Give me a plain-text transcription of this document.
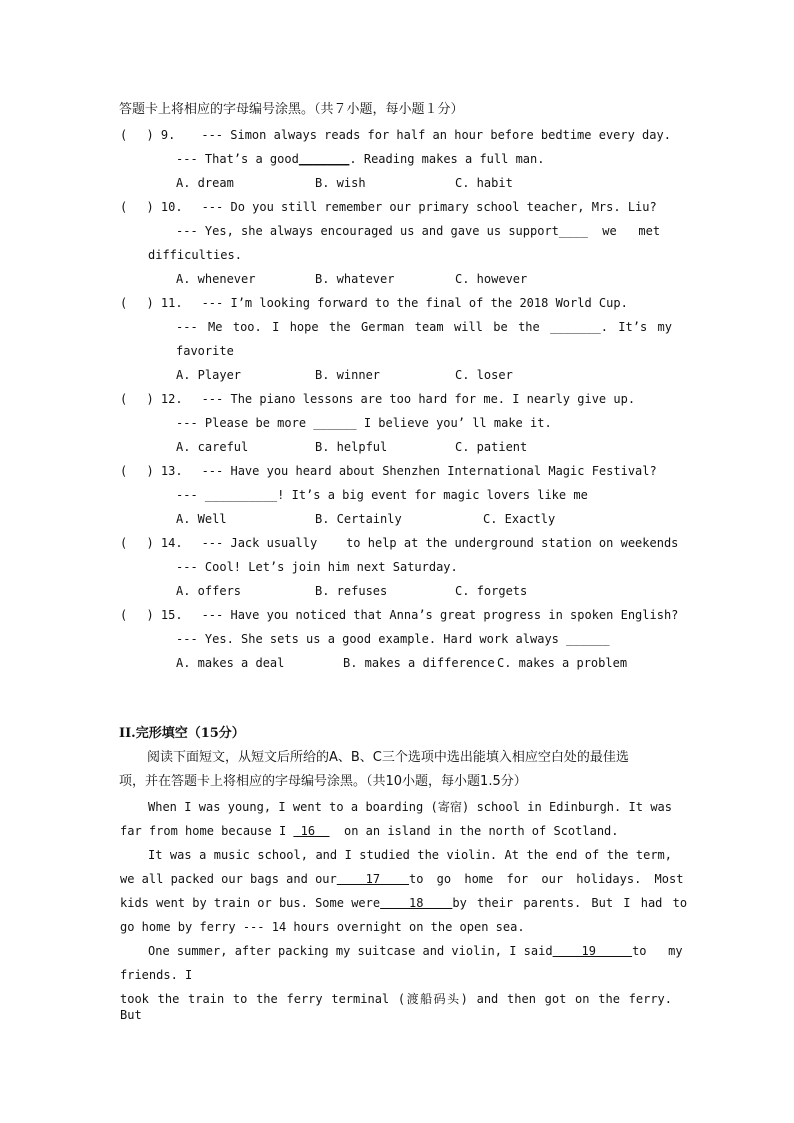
答题卡上将相应的字母编号涂黑。（共７小题，每小题１分）
(　 ) 9. --- Simon always reads for half an hour before bedtime every day.
--- That’s a good_______. Reading makes a full man.
A. dream	B. wish	C. habit
(　 ) 10. --- Do you still remember our primary school teacher, Mrs. Liu?
--- Yes, she always encouraged us and gave us support____  we   met
difficulties.
A. whenever	B. whatever	C. however
(　 ) 11. --- I’m looking forward to the final of the 2018 World Cup.
--- Me too. I hope the German team will be the _______. It’s my
favorite
A. Player	B. winner	C. loser
(　 ) 12. --- The piano lessons are too hard for me. I nearly give up.
--- Please be more ______ I believe you’ ll make it.
A. careful	B. helpful	C. patient
(　 ) 13. --- Have you heard about Shenzhen International Magic Festival?
--- __________! It’s a big event for magic lovers like me
A. Well	B. Certainly	C. Exactly
(　 ) 14. --- Jack usually    to help at the underground station on weekends
--- Cool! Let’s join him next Saturday.
A. offers	B. refuses	C. forgets
(　 ) 15. --- Have you noticed that Anna’s great progress in spoken English?
--- Yes. She sets us a good example. Hard work always ______
A. makes a deal	B. makes a difference C. makes a problem
II.完形填空（15分）
阅读下面短文，从短文后所给的A、B、C三个选项中选出能填入相应空白处的最佳选
项，并在答题卡上将相应的字母编号涂黑。（共10小题，每小题1.5分）
When I was young, I went to a boarding (寄宿) school in Edinburgh. It was
far from home because I  16    on an island in the north of Scotland.
It was a music school, and I studied the violin. At the end of the term,
we all packed our bags and our    17    to go home for our holidays. Most
kids went by train or bus. Some were    18    by their parents. But I had to
go home by ferry --- 14 hours overnight on the open sea.
One summer, after packing my suitcase and violin, I said    19     to   my
friends. I
took the train to the ferry terminal (渡船码头) and then got on the ferry. But
